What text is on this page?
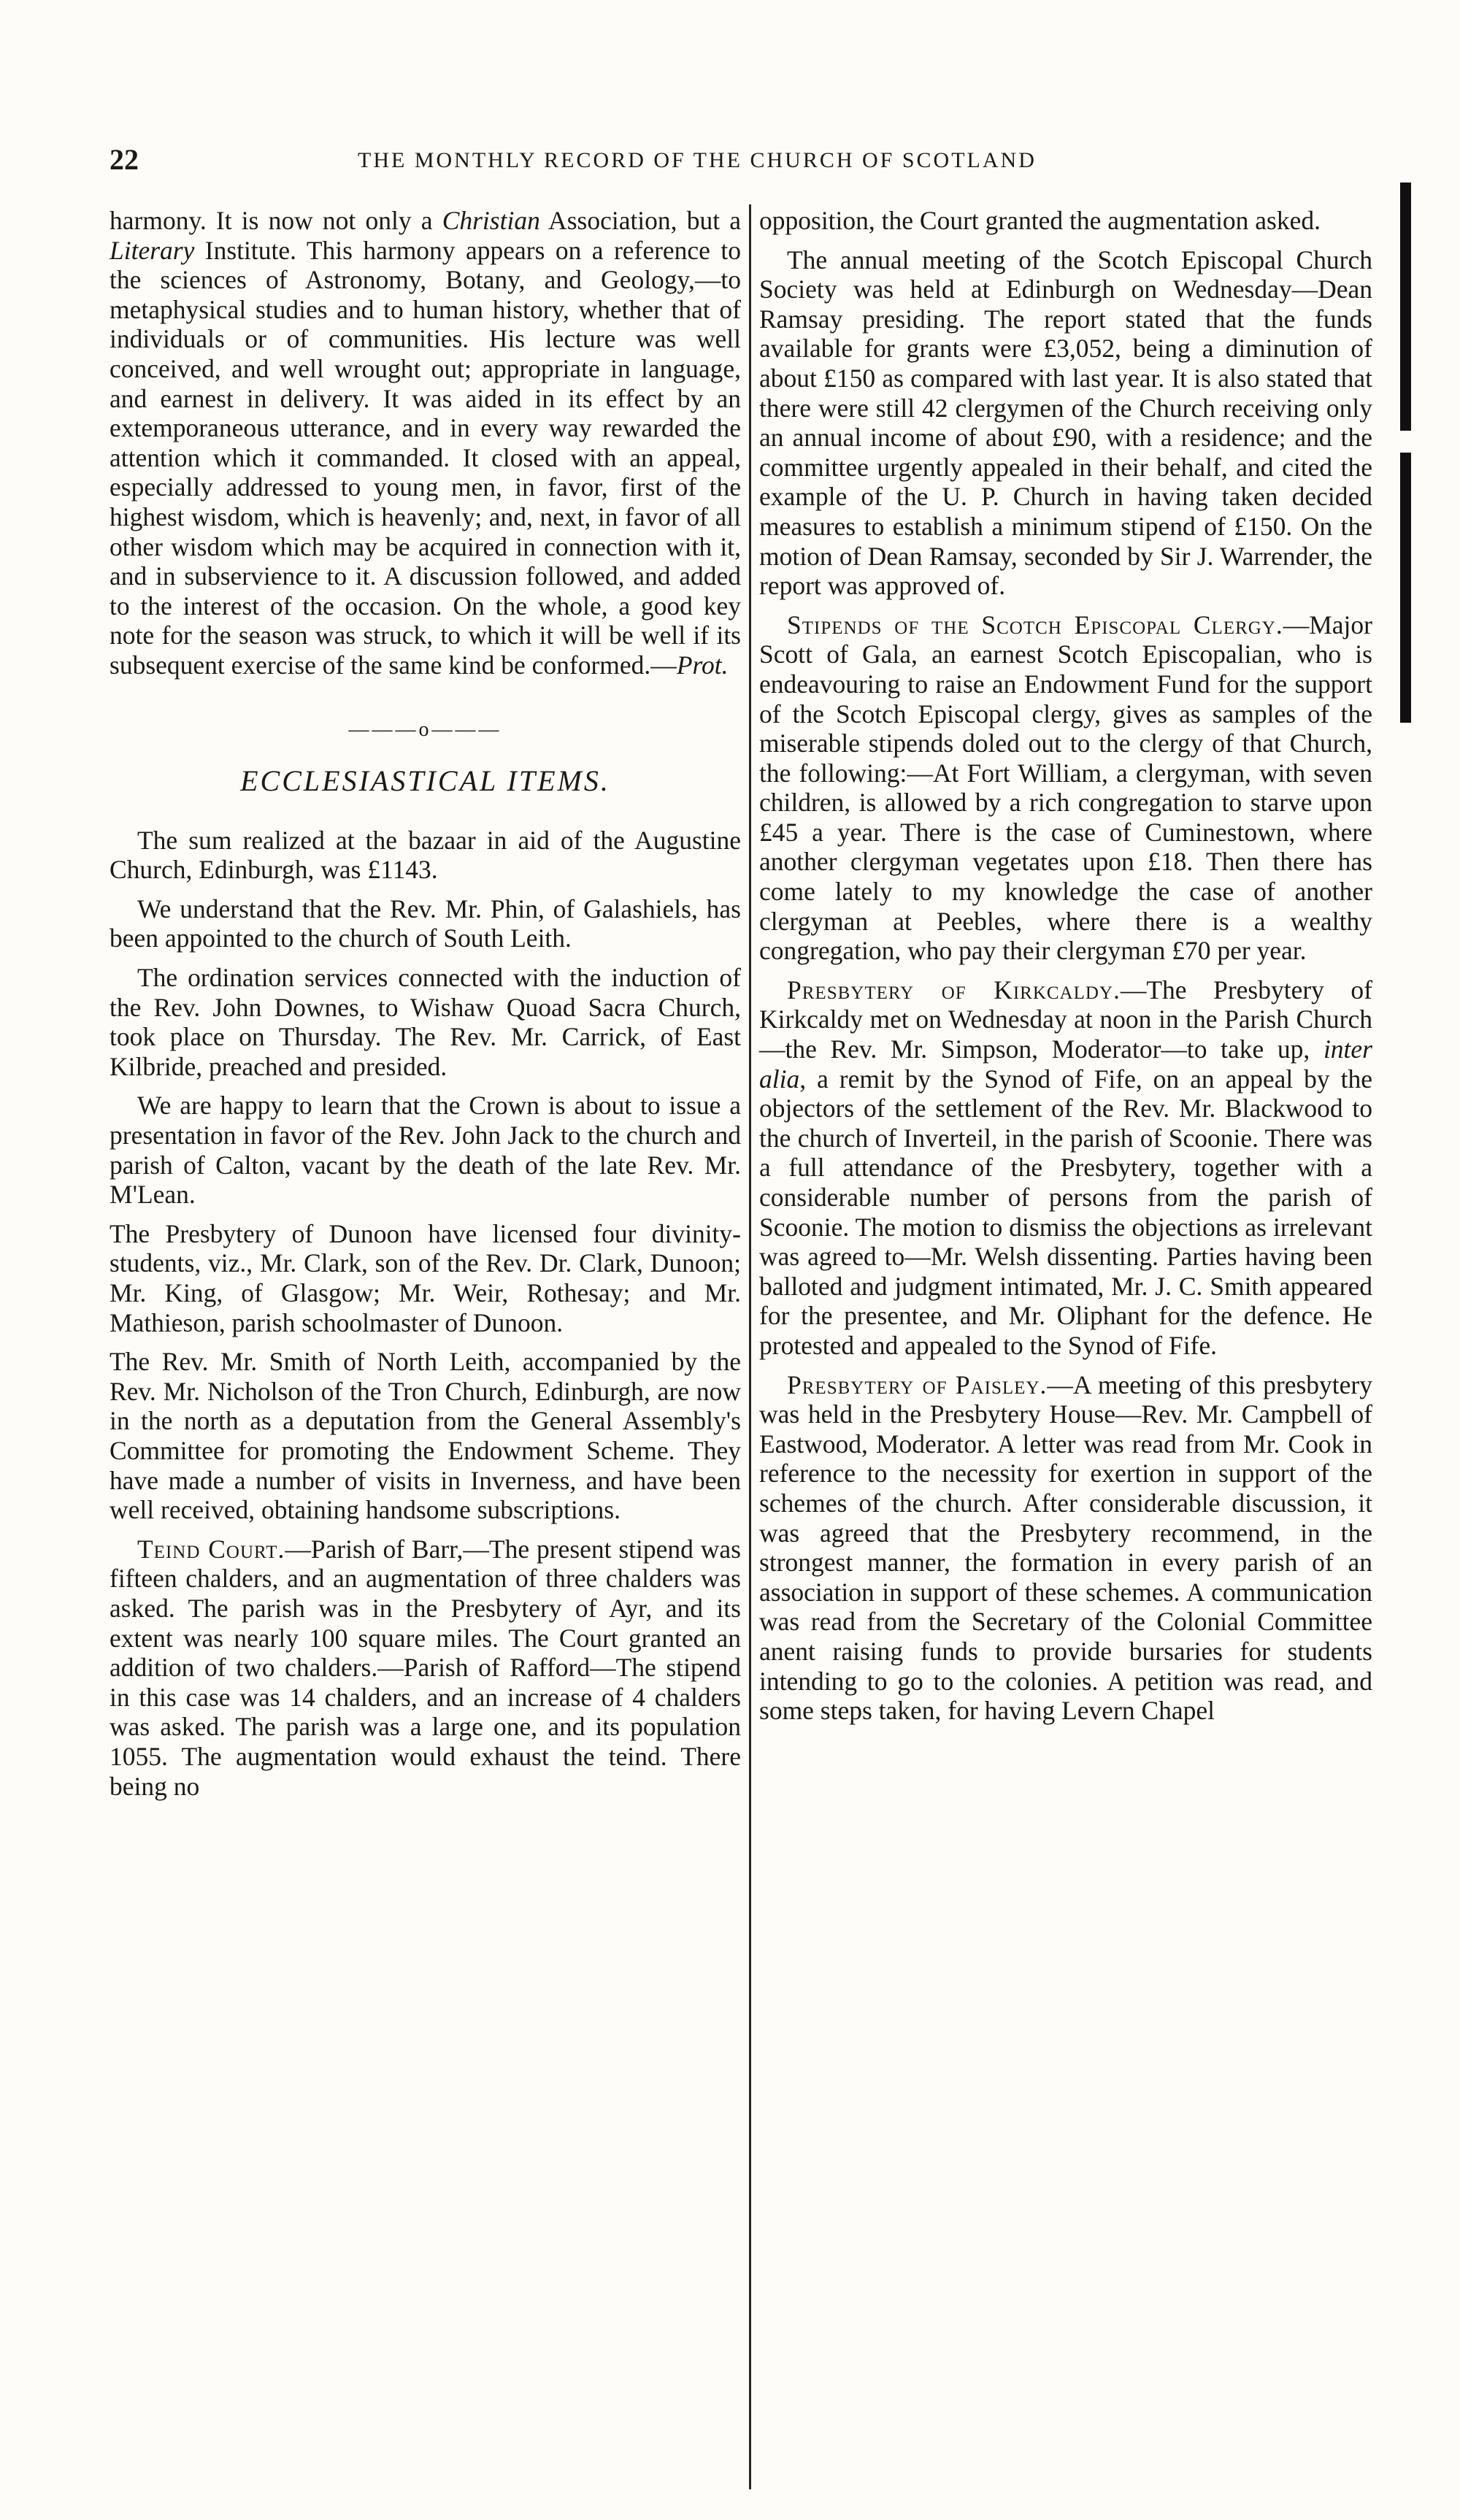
22	THE MONTHLY RECORD OF THE CHURCH OF SCOTLAND

harmony. It is now not only a Christian Association, but a Literary Institute. This harmony appears on a reference to the sciences of Astronomy, Botany, and Geology,—to metaphysical studies and to human history, whether that of individuals or of communities. His lecture was well conceived, and well wrought out; appropriate in language, and earnest in delivery. It was aided in its effect by an extemporaneous utterance, and in every way rewarded the attention which it commanded. It closed with an appeal, especially addressed to young men, in favor, first of the highest wisdom, which is heavenly; and, next, in favor of all other wisdom which may be acquired in connection with it, and in subservience to it. A discussion followed, and added to the interest of the occasion. On the whole, a good key note for the season was struck, to which it will be well if its subsequent exercise of the same kind be conformed.—Prot.

———o———
ECCLESIASTICAL ITEMS.

The sum realized at the bazaar in aid of the Augustine Church, Edinburgh, was £1143.

We understand that the Rev. Mr. Phin, of Galashiels, has been appointed to the church of South Leith.

The ordination services connected with the induction of the Rev. John Downes, to Wishaw Quoad Sacra Church, took place on Thursday. The Rev. Mr. Carrick, of East Kilbride, preached and presided.

We are happy to learn that the Crown is about to issue a presentation in favor of the Rev. John Jack to the church and parish of Calton, vacant by the death of the late Rev. Mr. M'Lean.

The Presbytery of Dunoon have licensed four divinity-students, viz., Mr. Clark, son of the Rev. Dr. Clark, Dunoon; Mr. King, of Glasgow; Mr. Weir, Rothesay; and Mr. Mathieson, parish schoolmaster of Dunoon.

The Rev. Mr. Smith of North Leith, accompanied by the Rev. Mr. Nicholson of the Tron Church, Edinburgh, are now in the north as a deputation from the General Assembly's Committee for promoting the Endowment Scheme. They have made a number of visits in Inverness, and have been well received, obtaining handsome subscriptions.

Teind Court.—Parish of Barr,—The present stipend was fifteen chalders, and an augmentation of three chalders was asked. The parish was in the Presbytery of Ayr, and its extent was nearly 100 square miles. The Court granted an addition of two chalders.—Parish of Rafford—The stipend in this case was 14 chalders, and an increase of 4 chalders was asked. The parish was a large one, and its population 1055. The augmentation would exhaust the teind. There being no

opposition, the Court granted the augmentation asked.

The annual meeting of the Scotch Episcopal Church Society was held at Edinburgh on Wednesday—Dean Ramsay presiding. The report stated that the funds available for grants were £3,052, being a diminution of about £150 as compared with last year. It is also stated that there were still 42 clergymen of the Church receiving only an annual income of about £90, with a residence; and the committee urgently appealed in their behalf, and cited the example of the U. P. Church in having taken decided measures to establish a minimum stipend of £150. On the motion of Dean Ramsay, seconded by Sir J. Warrender, the report was approved of.

Stipends of the Scotch Episcopal Clergy.—Major Scott of Gala, an earnest Scotch Episcopalian, who is endeavouring to raise an Endowment Fund for the support of the Scotch Episcopal clergy, gives as samples of the miserable stipends doled out to the clergy of that Church, the following:—At Fort William, a clergyman, with seven children, is allowed by a rich congregation to starve upon £45 a year. There is the case of Cuminestown, where another clergyman vegetates upon £18. Then there has come lately to my knowledge the case of another clergyman at Peebles, where there is a wealthy congregation, who pay their clergyman £70 per year.

Presbytery of Kirkcaldy.—The Presbytery of Kirkcaldy met on Wednesday at noon in the Parish Church—the Rev. Mr. Simpson, Moderator—to take up, inter alia, a remit by the Synod of Fife, on an appeal by the objectors of the settlement of the Rev. Mr. Blackwood to the church of Inverteil, in the parish of Scoonie. There was a full attendance of the Presbytery, together with a considerable number of persons from the parish of Scoonie. The motion to dismiss the objections as irrelevant was agreed to—Mr. Welsh dissenting. Parties having been balloted and judgment intimated, Mr. J. C. Smith appeared for the presentee, and Mr. Oliphant for the defence. He protested and appealed to the Synod of Fife.

Presbytery of Paisley.—A meeting of this presbytery was held in the Presbytery House—Rev. Mr. Campbell of Eastwood, Moderator. A letter was read from Mr. Cook in reference to the necessity for exertion in support of the schemes of the church. After considerable discussion, it was agreed that the Presbytery recommend, in the strongest manner, the formation in every parish of an association in support of these schemes. A communication was read from the Secretary of the Colonial Committee anent raising funds to provide bursaries for students intending to go to the colonies. A petition was read, and some steps taken, for having Levern Chapel
